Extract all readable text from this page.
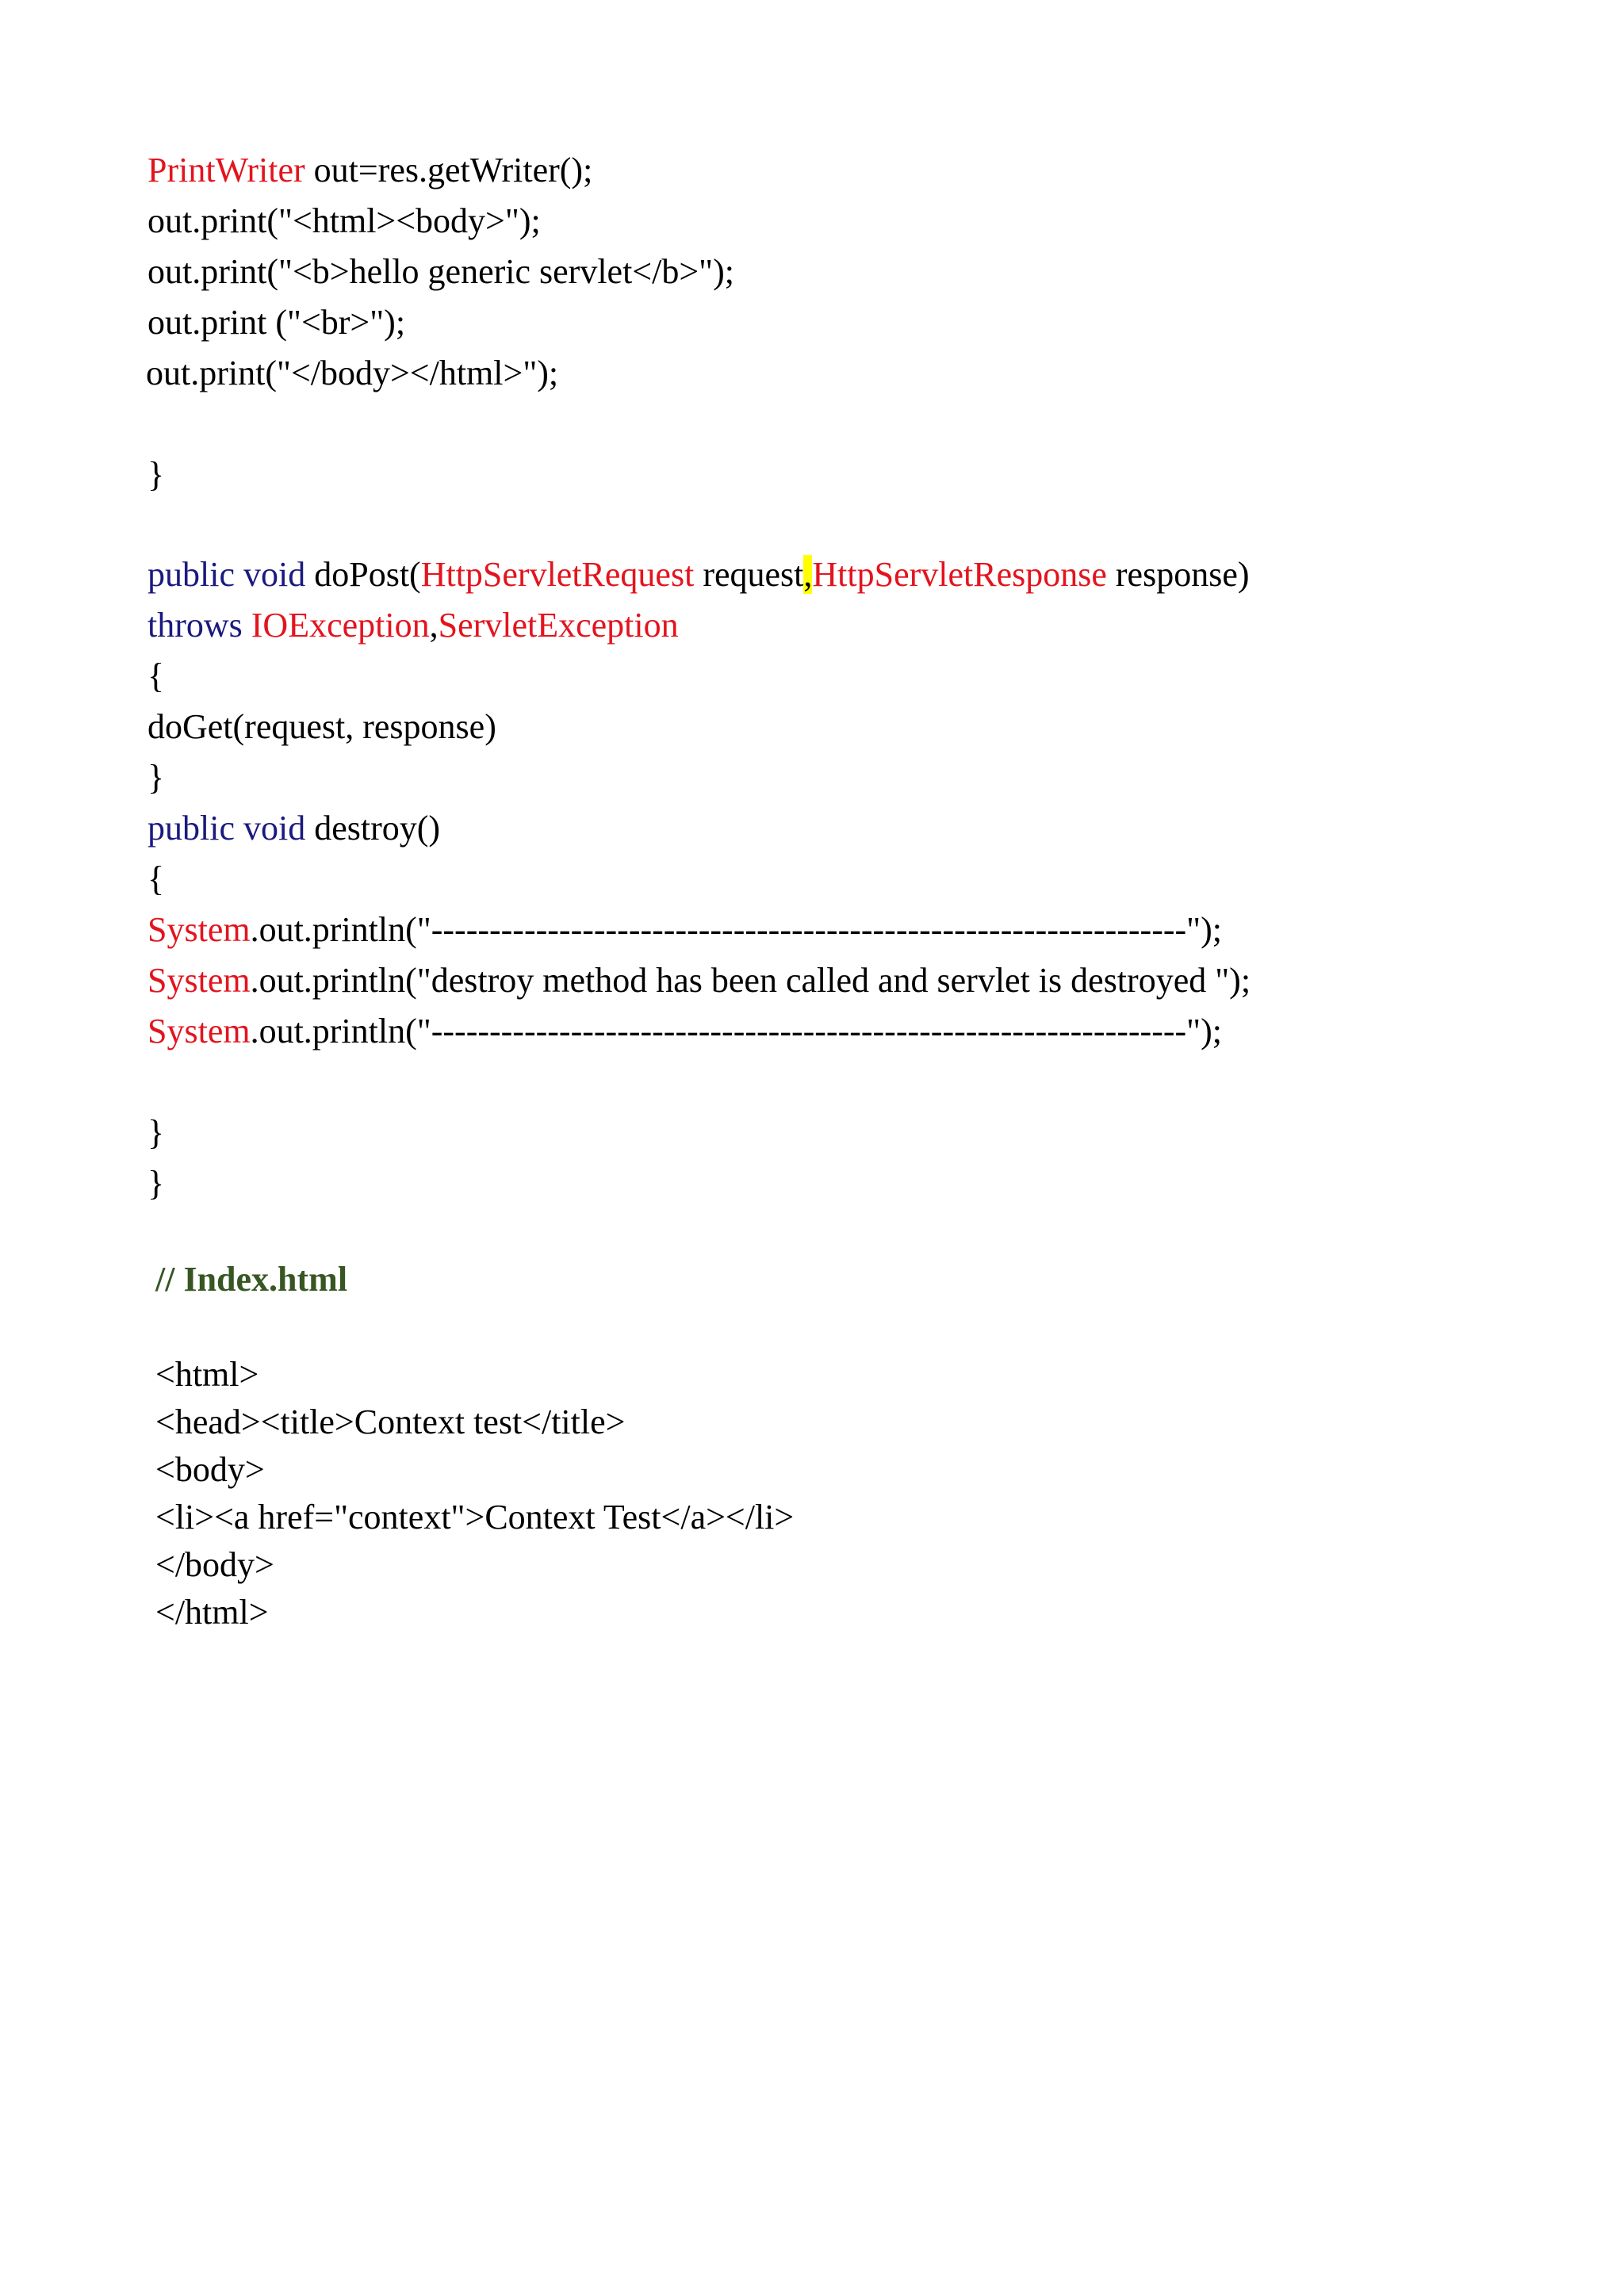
PrintWriter out=res.getWriter();
out.print("<html><body>");
out.print("<b>hello generic servlet</b>");
out.print ("<br>");
out.print("</body></html>");
}
public void doPost(HttpServletRequest request,HttpServletResponse response)
throws IOException,ServletException
{
doGet(request, response)
}
public void destroy()
{
System.out.println("-----------------------------------------------------------------");
System.out.println("destroy method has been called and servlet is destroyed ");
System.out.println("-----------------------------------------------------------------");
}
}
// Index.html
<html>
<head><title>Context test</title>
<body>
<li><a href="context">Context Test</a></li>
</body>
</html>
